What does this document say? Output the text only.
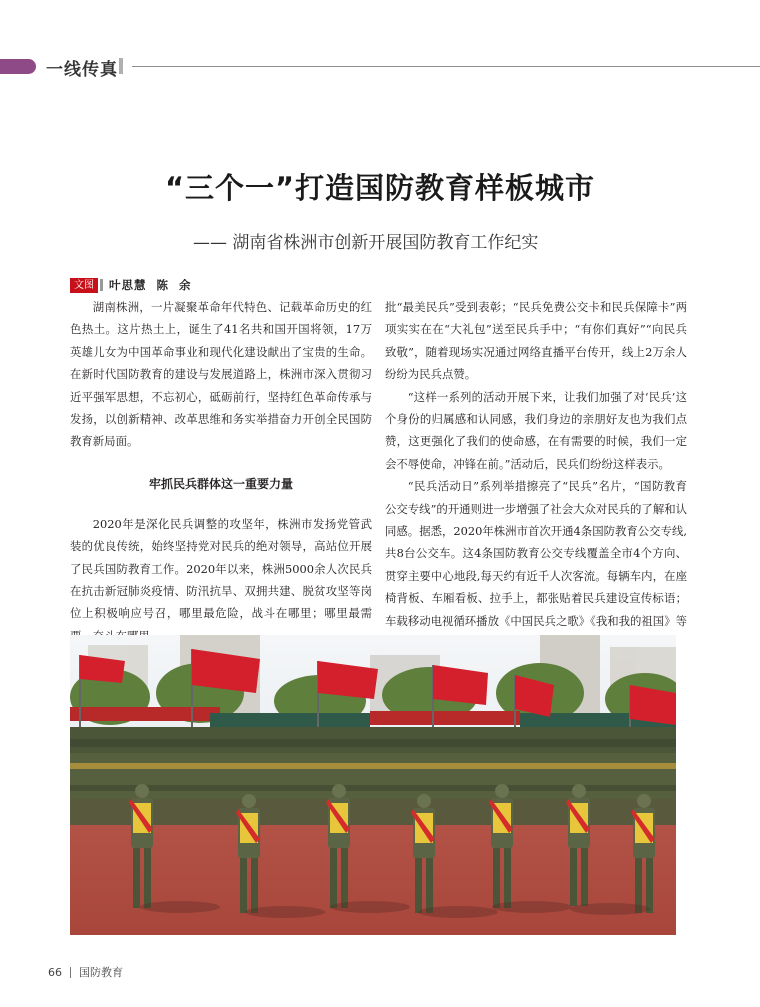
一线传真
“三个一”打造国防教育样板城市
—— 湖南省株洲市创新开展国防教育工作纪实
文图	叶思慧  陈  余

湖南株洲，一片凝聚革命年代特色、记载革命历史的红色热土。这片热土上，诞生了41名共和国开国将领，17万英雄儿女为中国革命事业和现代化建设献出了宝贵的生命。在新时代国防教育的建设与发展道路上，株洲市深入贯彻习近平强军思想，不忘初心，砥砺前行，坚持红色革命传承与发扬，以创新精神、改革思维和务实举措奋力开创全民国防教育新局面。

牢抓民兵群体这一重要力量

2020年是深化民兵调整的攻坚年，株洲市发扬党管武装的优良传统，始终坚持党对民兵的绝对领导，高站位开展了民兵国防教育工作。2020年以来，株洲5000余人次民兵在抗击新冠肺炎疫情、防汛抗旱、双拥共建、脱贫攻坚等岗位上积极响应号召，哪里最危险，战斗在哪里；哪里最需

批“最美民兵”受到表彰；“民兵免费公交卡和民兵保障卡”两项实实在在“大礼包”送至民兵手中；“有你们真好”“向民兵致敬”，随着现场实况通过网络直播平台传开，线上2万余人纷纷为民兵点赞。

“这样一系列的活动开展下来，让我们加强了对‘民兵’这个身份的归属感和认同感，我们身边的亲朋好友也为我们点赞，这更强化了我们的使命感，在有需要的时候，我们一定会不辱使命，冲锋在前。”活动后，民兵们纷纷这样表示。

“民兵活动日”系列举措擦亮了“民兵”名片，“国防教育公交专线”的开通则进一步增强了社会大众对民兵的了解和认同感。据悉，2020年株洲市首次开通4条国防教育公交专线,共8台公交车。这4条国防教育公交专线覆盖全市4个方向、贯穿主要中心地段,每天约有近千人次客流。每辆车内，在座椅背板、车厢看板、拉手上，都张贴着民兵建设宣传标语；车载移动电视循环播放《中国民兵之歌》《我和我的祖国》等

66 国防教育
